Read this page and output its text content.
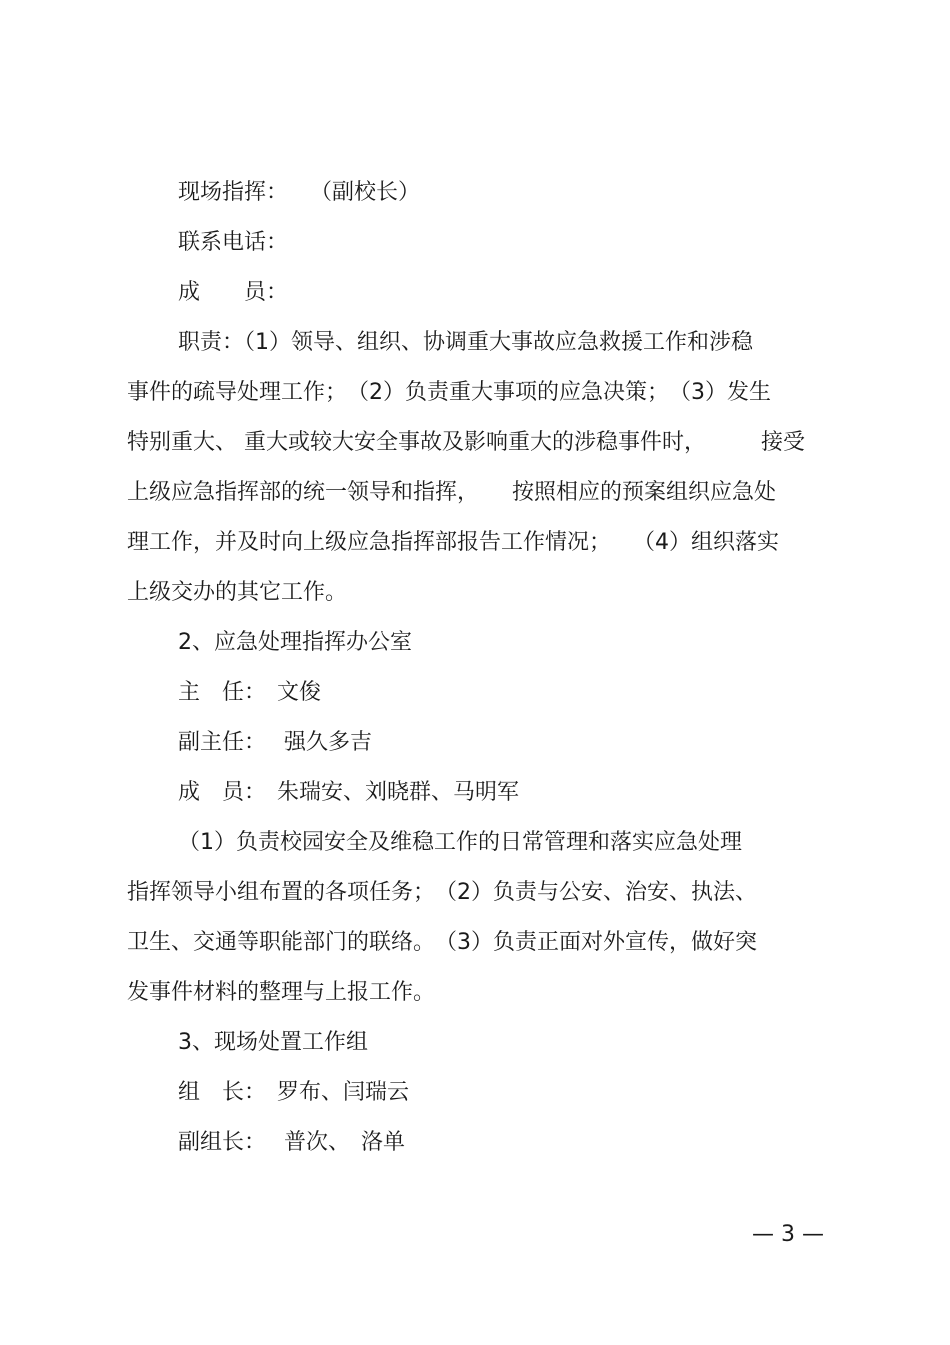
现场指挥：　　（副校长）

联系电话：

成　　员：

职责：（1）领导、组织、协调重大事故应急救援工作和涉稳

事件的疏导处理工作；　（2）负责重大事项的应急决策；　（3）发生

特别重大、 重大或较大安全事故及影响重大的涉稳事件时，　　　接受

上级应急指挥部的统一领导和指挥，　　按照相应的预案组织应急处

理工作，并及时向上级应急指挥部报告工作情况；　　（4）组织落实

上级交办的其它工作。

2、应急处理指挥办公室

主　任：　文俊

副主任：　 强久多吉

成　员：　朱瑞安、刘晓群、马明军

（1）负责校园安全及维稳工作的日常管理和落实应急处理

指挥领导小组布置的各项任务；　（2）负责与公安、治安、执法、

卫生、交通等职能部门的联络。　（3）负责正面对外宣传，做好突

发事件材料的整理与上报工作。

3、现场处置工作组

组　长：　罗布、闫瑞云

副组长：　 普次、　洛单

— 3 —
